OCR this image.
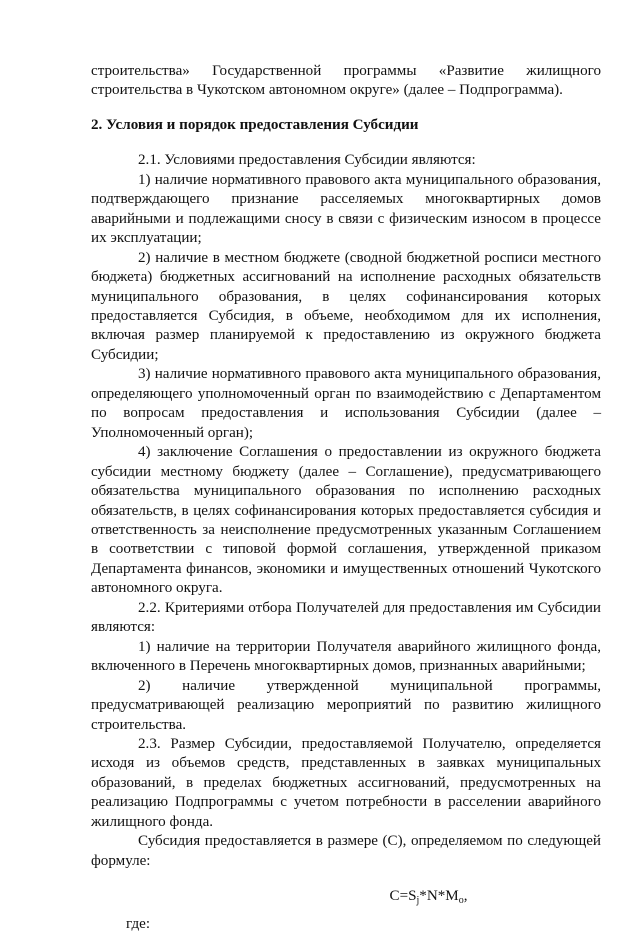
строительства» Государственной программы «Развитие жилищного строительства в Чукотском автономном округе» (далее – Подпрограмма).

2. Условия и порядок предоставления Субсидии

2.1. Условиями предоставления Субсидии являются:

1) наличие нормативного правового акта муниципального образования, подтверждающего признание расселяемых многоквартирных домов аварийными и подлежащими сносу в связи с физическим износом в процессе их эксплуатации;

2) наличие в местном бюджете (сводной бюджетной росписи местного бюджета) бюджетных ассигнований на исполнение расходных обязательств муниципального образования, в целях софинансирования которых предоставляется Субсидия, в объеме, необходимом для их исполнения, включая размер планируемой к предоставлению из окружного бюджета Субсидии;

3) наличие нормативного правового акта муниципального образования, определяющего уполномоченный орган по взаимодействию с Департаментом по вопросам предоставления и использования Субсидии (далее – Уполномоченный орган);

4) заключение Соглашения о предоставлении из окружного бюджета субсидии местному бюджету (далее – Соглашение), предусматривающего обязательства муниципального образования по исполнению расходных обязательств, в целях софинансирования которых предоставляется субсидия и ответственность за неисполнение предусмотренных указанным Соглашением в соответствии с типовой формой соглашения, утвержденной приказом Департамента финансов, экономики и имущественных отношений Чукотского автономного округа.

2.2. Критериями отбора Получателей для предоставления им Субсидии являются:

1) наличие на территории Получателя аварийного жилищного фонда, включенного в Перечень многоквартирных домов, признанных аварийными;

2) наличие утвержденной муниципальной программы, предусматривающей реализацию мероприятий по развитию жилищного строительства.

2.3. Размер Субсидии, предоставляемой Получателю, определяется исходя из объемов средств, представленных в заявках муниципальных образований, в пределах бюджетных ассигнований, предусмотренных на реализацию Подпрограммы с учетом потребности в расселении аварийного жилищного фонда.

Субсидия предоставляется в размере (С), определяемом по следующей формуле:

$C=S_j*N*M_o$,

где:
